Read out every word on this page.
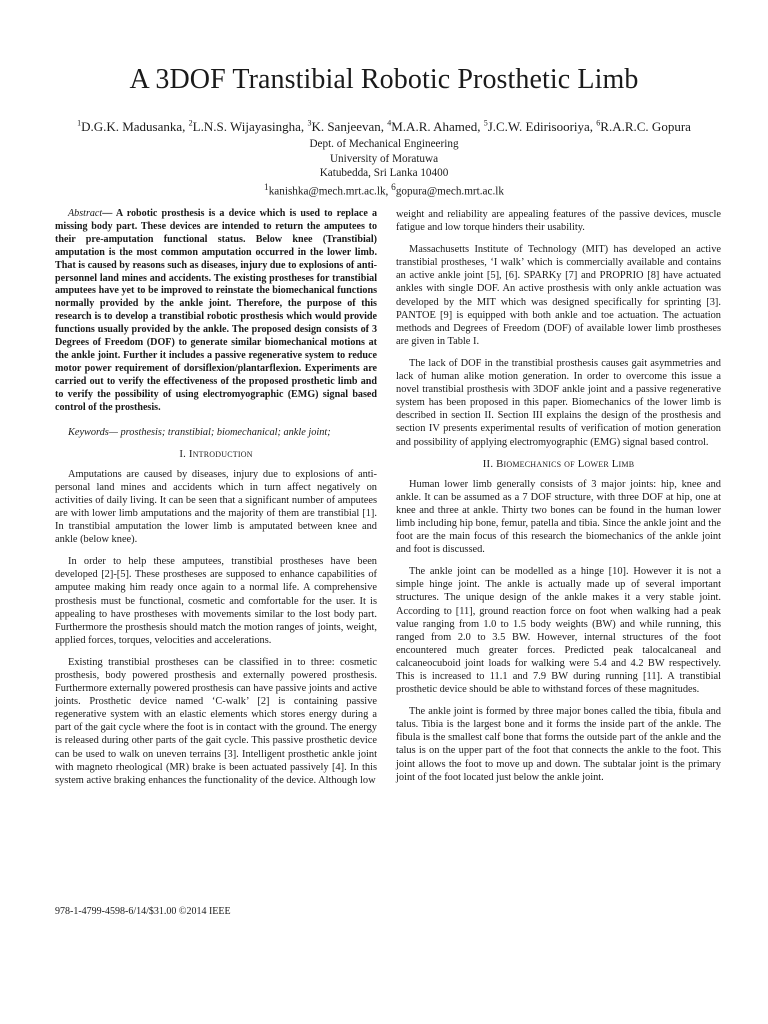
A 3DOF Transtibial Robotic Prosthetic Limb
$^1$D.G.K. Madusanka, $^2$L.N.S. Wijayasingha, $^3$K. Sanjeevan, $^4$M.A.R. Ahamed, $^5$J.C.W. Edirisooriya, $^6$R.A.R.C. Gopura
Dept. of Mechanical Engineering
University of Moratuwa
Katubedda, Sri Lanka 10400
$^1$kanishka@mech.mrt.ac.lk, $^6$gopura@mech.mrt.ac.lk

Abstract— A robotic prosthesis is a device which is used to replace a missing body part. These devices are intended to return the amputees to their pre-amputation functional status. Below knee (Transtibial) amputation is the most common amputation occurred in the lower limb. That is caused by reasons such as diseases, injury due to explosions of anti-personnel land mines and accidents. The existing prostheses for transtibial amputees have yet to be improved to reinstate the biomechanical functions normally provided by the ankle joint. Therefore, the purpose of this research is to develop a transtibial robotic prosthesis which would provide functions usually provided by the ankle. The proposed design consists of 3 Degrees of Freedom (DOF) to generate similar biomechanical motions at the ankle joint. Further it includes a passive regenerative system to reduce motor power requirement of dorsiflexion/plantarflexion. Experiments are carried out to verify the effectiveness of the proposed prosthetic limb and to verify the possibility of using electromyographic (EMG) signal based control of the prosthesis.

Keywords— prosthesis; transtibial; biomechanical; ankle joint;

I. Introduction

Amputations are caused by diseases, injury due to explosions of anti-personal land mines and accidents which in turn affect negatively on activities of daily living. It can be seen that a significant number of amputees are with lower limb amputations and the majority of them are transtibial [1]. In transtibial amputation the lower limb is amputated between knee and ankle (below knee).

In order to help these amputees, transtibial prostheses have been developed [2]-[5]. These prostheses are supposed to enhance capabilities of amputee making him ready once again to a normal life. A comprehensive prosthesis must be functional, cosmetic and comfortable for the user. It is appealing to have prostheses with movements similar to the lost body part. Furthermore the prosthesis should match the motion ranges of joints, weight, applied forces, torques, velocities and accelerations.

Existing transtibial prostheses can be classified in to three: cosmetic prosthesis, body powered prosthesis and externally powered prosthesis. Furthermore externally powered prosthesis can have passive joints and active joints. Prosthetic device named ‘C-walk’ [2] is containing passive regenerative system with an elastic elements which stores energy during a part of the gait cycle where the foot is in contact with the ground. The energy is released during other parts of the gait cycle. This passive prosthetic device can be used to walk on uneven terrains [3]. Intelligent prosthetic ankle joint with magneto rheological (MR) brake is been actuated passively [4]. In this system active braking enhances the functionality of the device. Although low

weight and reliability are appealing features of the passive devices, muscle fatigue and low torque hinders their usability.

Massachusetts Institute of Technology (MIT) has developed an active transtibial prostheses, ‘I walk’ which is commercially available and contains an active ankle joint [5], [6]. SPARKy [7] and PROPRIO [8] have actuated ankles with single DOF. An active prosthesis with only ankle actuation was developed by the MIT which was designed specifically for sprinting [3]. PANTOE [9] is equipped with both ankle and toe actuation. The actuation methods and Degrees of Freedom (DOF) of available lower limb prostheses are given in Table I.

The lack of DOF in the transtibial prosthesis causes gait asymmetries and lack of human alike motion generation. In order to overcome this issue a novel transtibial prosthesis with 3DOF ankle joint and a passive regenerative system has been proposed in this paper. Biomechanics of the lower limb is described in section II. Section III explains the design of the prosthesis and section IV presents experimental results of verification of motion generation and possibility of applying electromyographic (EMG) signal based control.

II. Biomechanics of Lower Limb

Human lower limb generally consists of 3 major joints: hip, knee and ankle. It can be assumed as a 7 DOF structure, with three DOF at hip, one at knee and three at ankle. Thirty two bones can be found in the human lower limb including hip bone, femur, patella and tibia. Since the ankle joint and the foot are the main focus of this research the biomechanics of the ankle joint and foot is discussed.

The ankle joint can be modelled as a hinge [10]. However it is not a simple hinge joint. The ankle is actually made up of several important structures. The unique design of the ankle makes it a very stable joint. According to [11], ground reaction force on foot when walking had a peak value ranging from 1.0 to 1.5 body weights (BW) and while running, this ranged from 2.0 to 3.5 BW. However, internal structures of the foot encountered much greater forces. Predicted peak talocalcaneal and calcaneocuboid joint loads for walking were 5.4 and 4.2 BW respectively. This is increased to 11.1 and 7.9 BW during running [11]. A transtibial prosthetic device should be able to withstand forces of these magnitudes.

The ankle joint is formed by three major bones called the tibia, fibula and talus. Tibia is the largest bone and it forms the inside part of the ankle. The fibula is the smallest calf bone that forms the outside part of the ankle and the talus is on the upper part of the foot that connects the ankle to the foot. This joint allows the foot to move up and down. The subtalar joint is the primary joint of the foot located just below the ankle joint.

978-1-4799-4598-6/14/$31.00 ©2014 IEEE
